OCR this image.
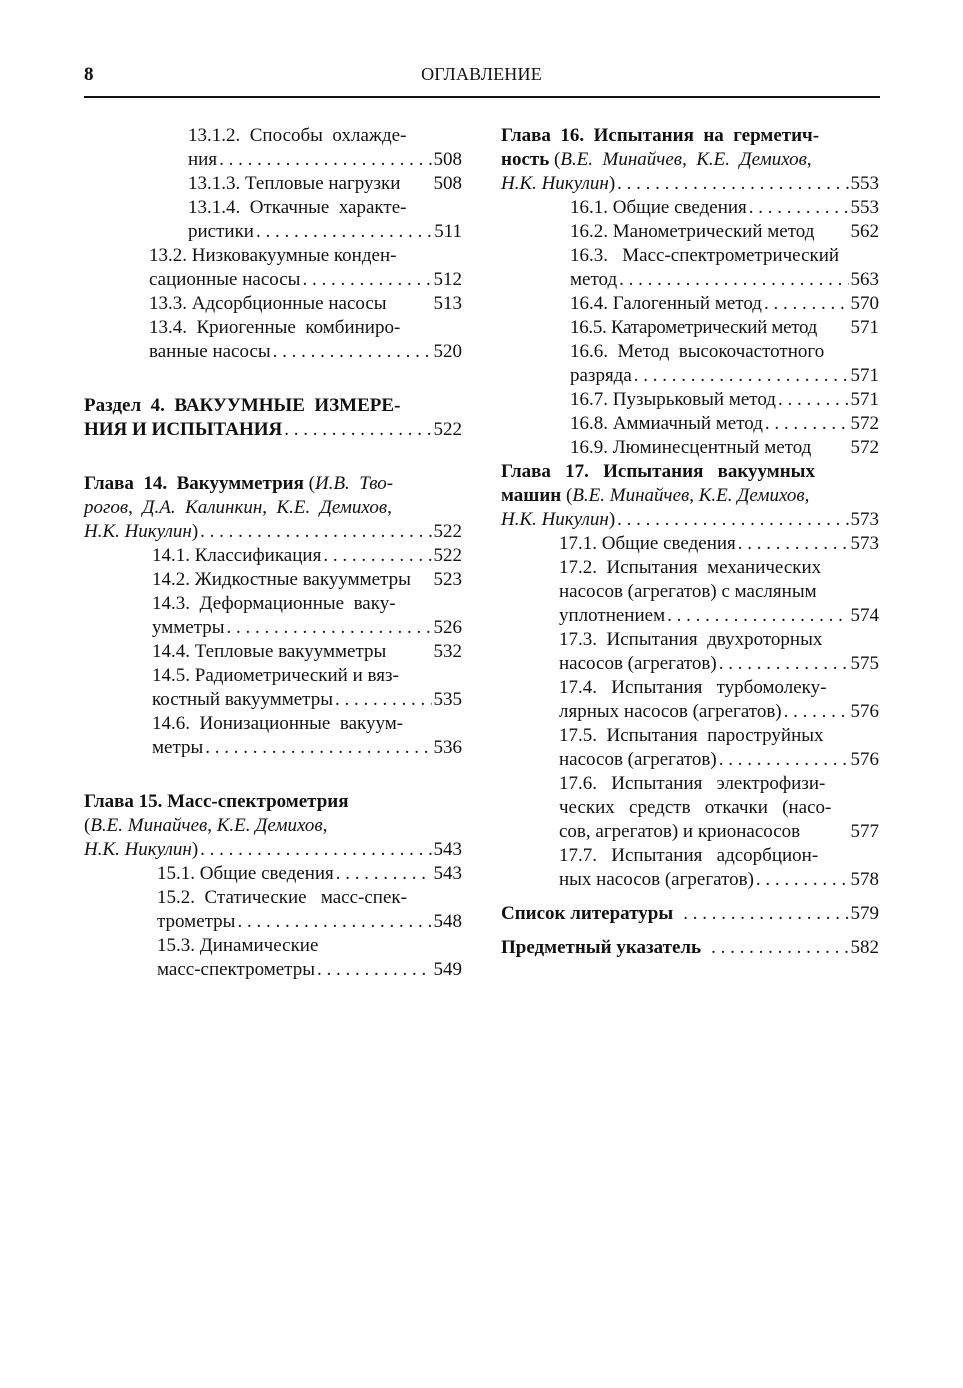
8	ОГЛАВЛЕНИЕ
13.1.2.  Способы  охлажде-
ния . . .	508
13.1.3. Тепловые нагрузки 508
13.1.4.  Откачные  характе-
ристики . . .	511
13.2. Низковакуумные конден-
сационные насосы . . .	512
13.3. Адсорбционные насосы 513
13.4.  Криогенные  комбиниро-
ванные насосы . . .	520
Раздел  4.  ВАКУУМНЫЕ  ИЗМЕРЕ-
НИЯ И ИСПЫТАНИЯ . . .	522
Глава  14.  Вакуумметрия ( И.В.  Тво-
рогов , Д.А.  Калинкин , К.Е.  Демихов ,
Н.К. Никулин ) . . .	522
14.1. Классификация . . .	522
14.2. Жидкостные вакуумметры 523
14.3.  Деформационные  ваку-
умметры . . .	526
14.4. Тепловые вакуумметры 532
14.5. Радиометрический и вяз-
костный вакуумметры . . .	535
14.6.  Ионизационные  вакуум-
метры . . .	536
Глава 15. Масс-спектрометрия
( В.Е. Минайчев , К.Е. Демихов ,
Н.К. Никулин ) . . .	543
15.1. Общие сведения . . .	543
15.2.  Статические   масс-спек-
трометры . . .	548
15.3. Динамические
масс-спектрометры . . .	549
Глава  16.  Испытания  на  герметич-
ность ( В.Е.  Минайчев , К.Е.  Демихов ,
Н.К. Никулин ) . . .	553
16.1. Общие сведения . . .	553
16.2. Манометрический метод 562
16.3.   Масс-спектрометрический
метод . . .	563
16.4. Галогенный метод . . .	570
16.5. Катарометрический метод 571
16.6.  Метод  высокочастотного
разряда . . .	571
16.7. Пузырьковый метод . . .	571
16.8. Аммиачный метод . . .	572
16.9. Люминесцентный метод 572
Глава   17.   Испытания   вакуумных
машин ( В.Е. Минайчев , К.Е. Демихов ,
Н.К. Никулин ) . . .	573
17.1. Общие сведения . . .	573
17.2.  Испытания  механических
насосов (агрегатов) с масляным
уплотнением . . .	574
17.3.  Испытания  двухроторных
насосов (агрегатов) . . .	575
17.4.   Испытания   турбомолеку-
лярных насосов (агрегатов) . . .	576
17.5.  Испытания  пароструйных
насосов (агрегатов) . . .	576
17.6.   Испытания   электрофизи-
ческих   средств   откачки   (насо-
сов, агрегатов) и крионасосов	577
17.7.   Испытания   адсорбцион-
ных насосов (агрегатов) . . .	578
Список литературы . . .	579
Предметный указатель . . .	582
